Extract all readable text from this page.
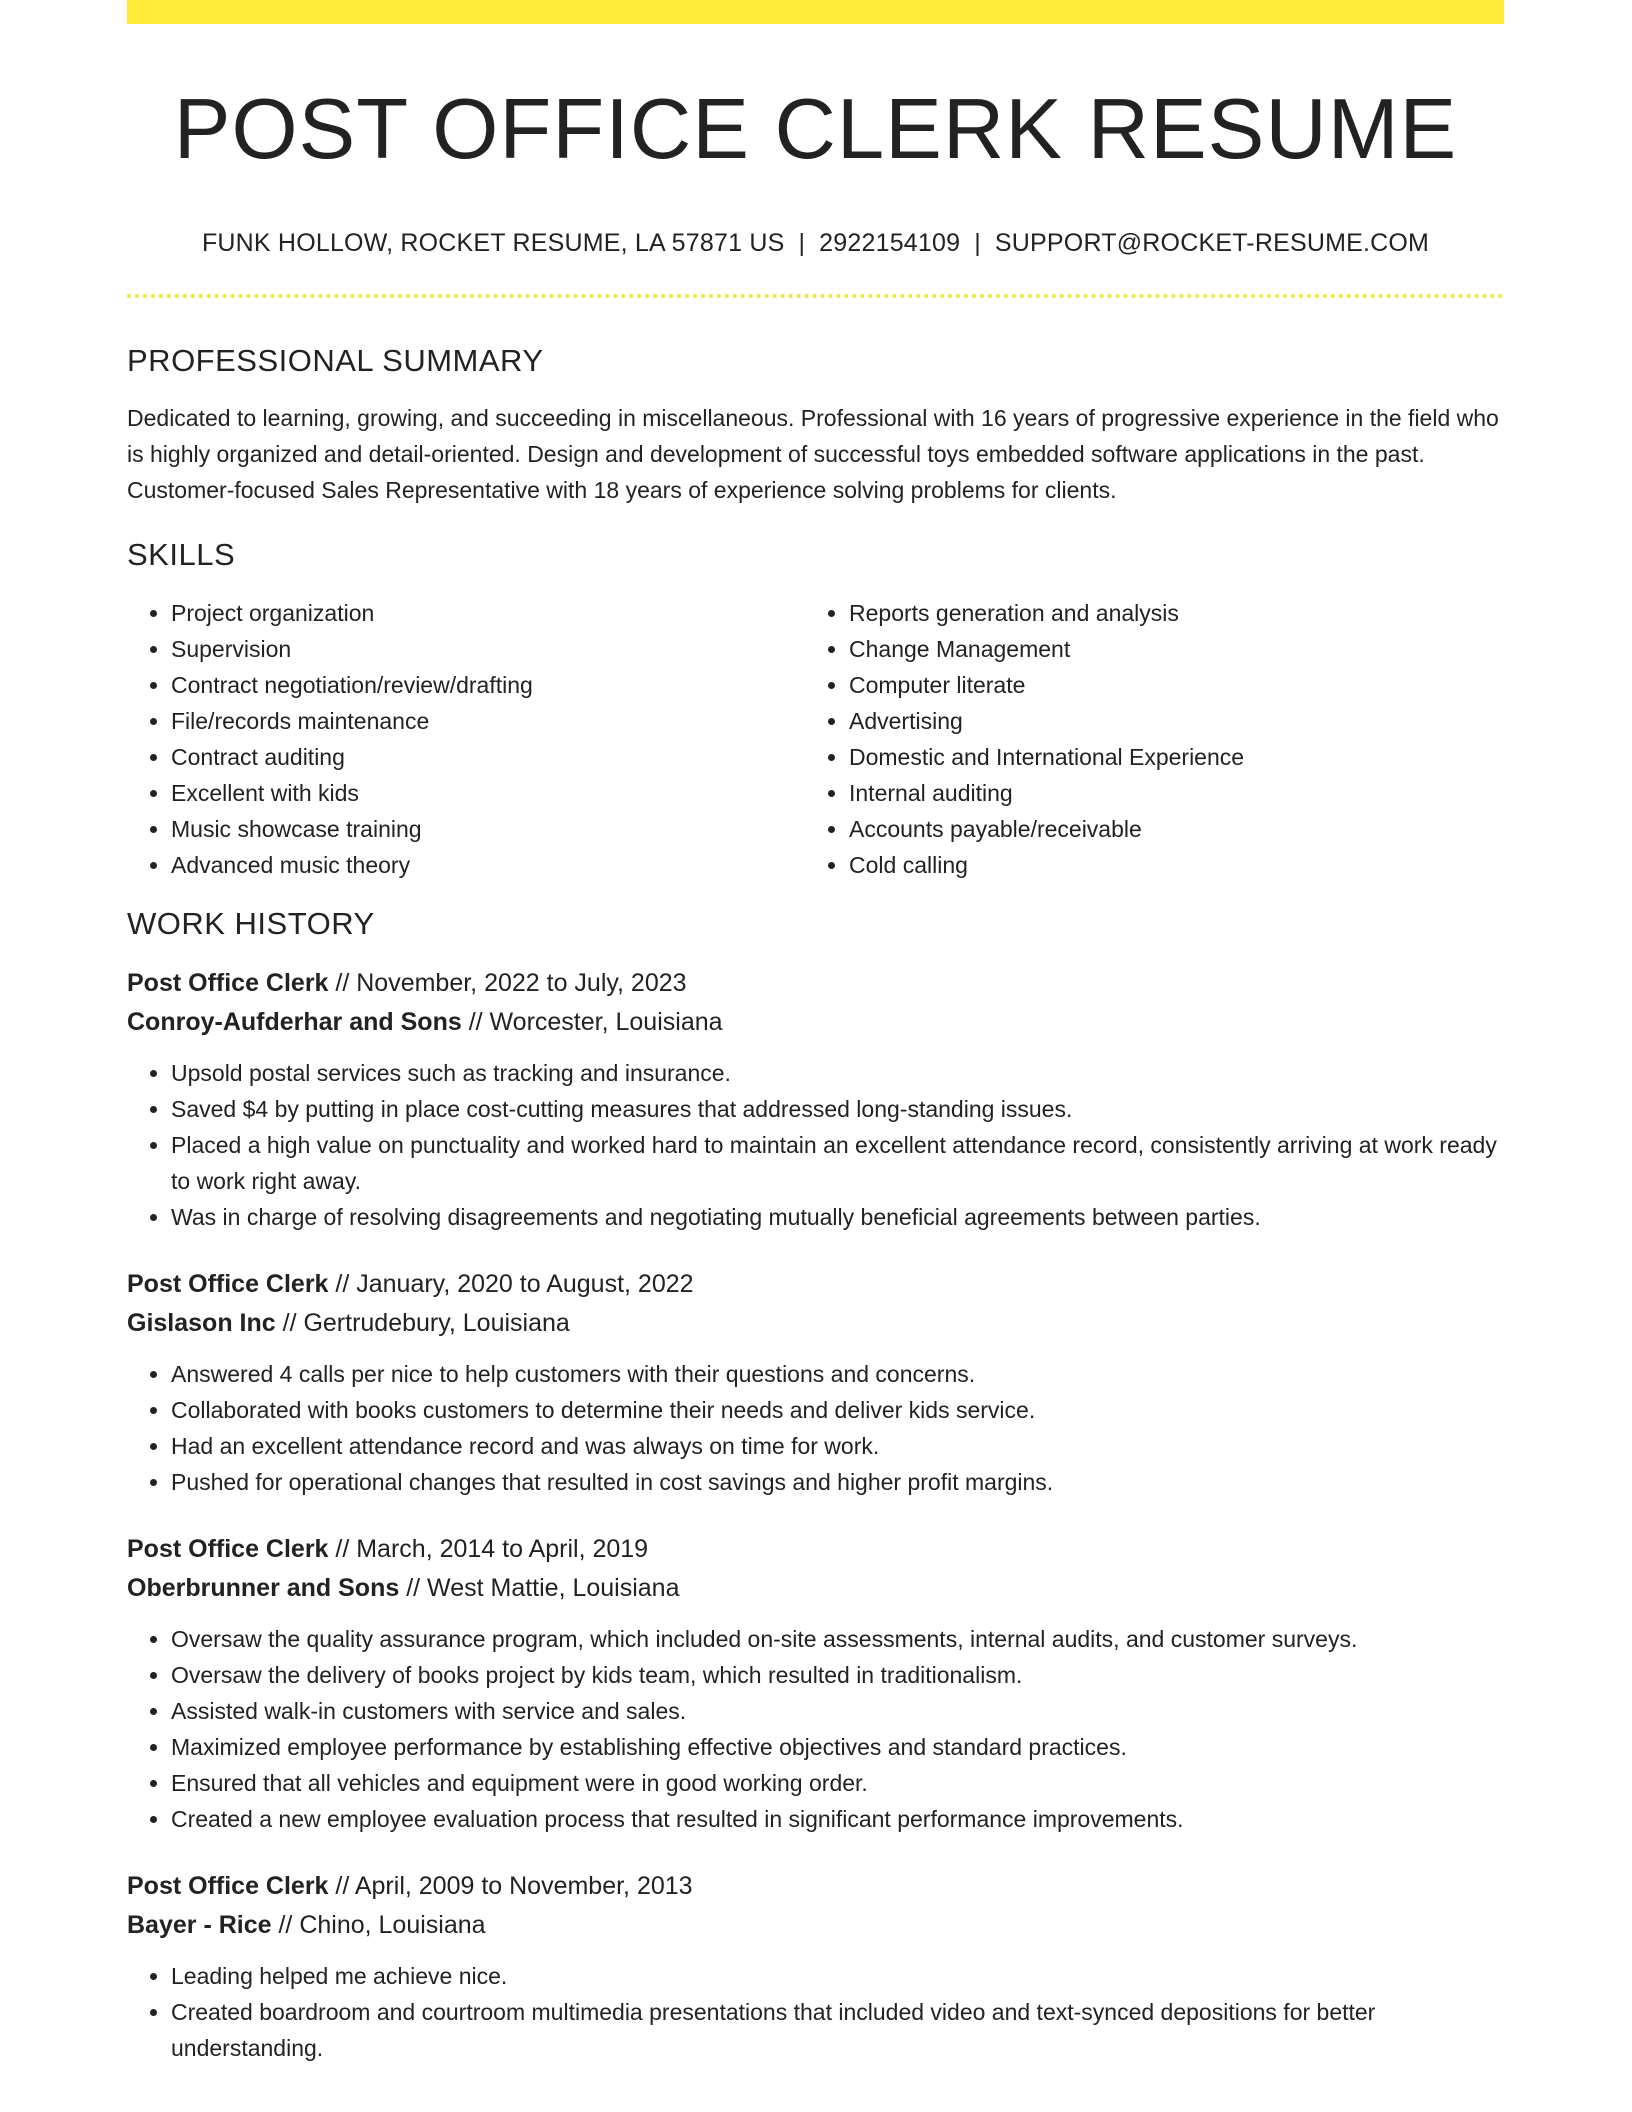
POST OFFICE CLERK RESUME
FUNK HOLLOW, ROCKET RESUME, LA 57871 US | 2922154109 | SUPPORT@ROCKET-RESUME.COM
PROFESSIONAL SUMMARY

Dedicated to learning, growing, and succeeding in miscellaneous. Professional with 16 years of progressive experience in the field who is highly organized and detail-oriented. Design and development of successful toys embedded software applications in the past. Customer-focused Sales Representative with 18 years of experience solving problems for clients.

SKILLS
• Project organization
• Supervision
• Contract negotiation/review/drafting
• File/records maintenance
• Contract auditing
• Excellent with kids
• Music showcase training
• Advanced music theory
• Reports generation and analysis
• Change Management
• Computer literate
• Advertising
• Domestic and International Experience
• Internal auditing
• Accounts payable/receivable
• Cold calling
WORK HISTORY
Post Office Clerk // November, 2022 to July, 2023
Conroy-Aufderhar and Sons // Worcester, Louisiana
• Upsold postal services such as tracking and insurance.
• Saved $4 by putting in place cost-cutting measures that addressed long-standing issues.
• Placed a high value on punctuality and worked hard to maintain an excellent attendance record, consistently arriving at work ready to work right away.
• Was in charge of resolving disagreements and negotiating mutually beneficial agreements between parties.
Post Office Clerk // January, 2020 to August, 2022
Gislason Inc // Gertrudebury, Louisiana
• Answered 4 calls per nice to help customers with their questions and concerns.
• Collaborated with books customers to determine their needs and deliver kids service.
• Had an excellent attendance record and was always on time for work.
• Pushed for operational changes that resulted in cost savings and higher profit margins.
Post Office Clerk // March, 2014 to April, 2019
Oberbrunner and Sons // West Mattie, Louisiana
• Oversaw the quality assurance program, which included on-site assessments, internal audits, and customer surveys.
• Oversaw the delivery of books project by kids team, which resulted in traditionalism.
• Assisted walk-in customers with service and sales.
• Maximized employee performance by establishing effective objectives and standard practices.
• Ensured that all vehicles and equipment were in good working order.
• Created a new employee evaluation process that resulted in significant performance improvements.
Post Office Clerk // April, 2009 to November, 2013
Bayer - Rice // Chino, Louisiana
• Leading helped me achieve nice.
• Created boardroom and courtroom multimedia presentations that included video and text-synced depositions for better understanding.
